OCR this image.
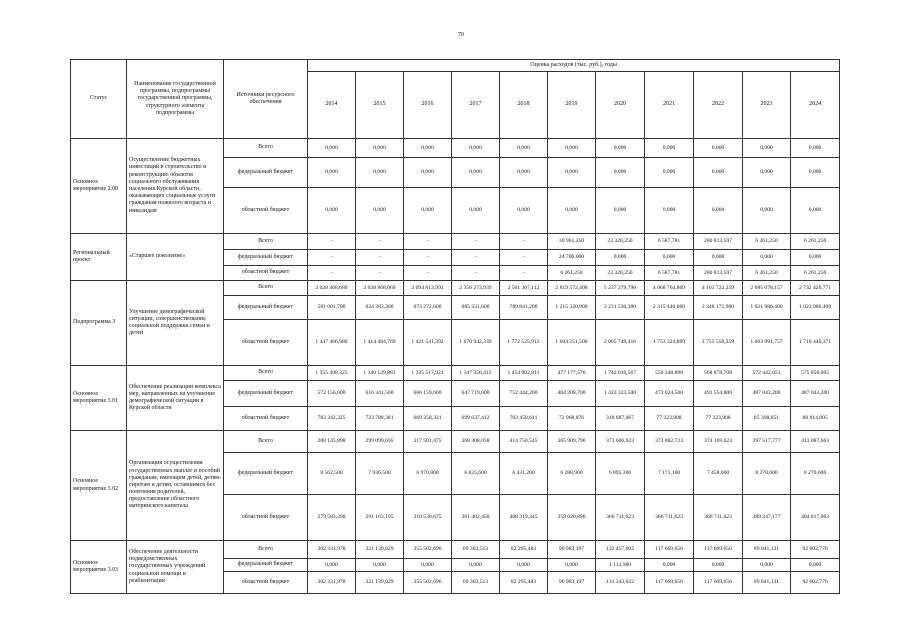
70
Статус	Наименование государственной программы, подпрограммы государственной программы, структурного элемента подпрограммы	Источники ресурсного обеспечения	Оценка расходов (тыс. руб.), годы										
			2014	2015	2016	2017	2018	2019	2020	2021	2022	2023	2024
Основное мероприятие 2.08	Осуществление бюджетных инвестиций в строительство и реконструкцию объектов социального обслуживания населения Курской области, оказывающих социальные услуги гражданам пожилого возраста и инвалидам	Всего	0,000	0,000	0,000	0,000	0,000	0,000	0,000	0,000	0,000	0,000	0,000
		федеральный бюджет	0,000	0,000	0,000	0,000	0,000	0,000	0,000	0,000	0,000	0,000	0,000
		областной бюджет	0,000	0,000	0,000	0,000	0,000	0,000	0,000	0,000	0,000	0,000	0,000
Региональный проект	«Старшее поколение»	Всего	-	-	-	-	-	30 961,250	23 328,250	6 587,781	280 813,597	6 261,250	6 261,250
		федеральный бюджет	-	-	-	-	-	24 700,000	0,000	0,000	0,000	0,000	0,000
		областной бюджет	-	-	-	-	-	6 261,250	23 328,250	6 587,781	280 813,597	6 261,250	6 261,250
Подпрограмма 3	Улучшение демографической ситуации, совершенствование социальной поддержки семьи и детей	Всего	2 028 468,680	2 038 868,069	2 094 813,992	2 356 273,939	2 561 367,112	2 819 572,408	5 237 279,796	4 068 764,869	4 103 722,259	2 685 078,157	2 732 426,771
		федеральный бюджет	581 001,700	624 383,300	673 272,600	685 331,600	789 841,200	1 215 320,900	3 231 530,380	2 315 440,000	2 348 171,900	1 021 986,400	1 021 986,400
		областной бюджет	1 447 466,980	1 414 484,769	1 421 541,392	1 670 942,339	1 772 525,912	1 604 251,508	2 005 749,416	1 753 324,869	1 755 550,359	1 663 091,757	1 710 440,371
Основное мероприятие 3.01	Обеспечение реализации комплекса мер, направленных на улучшение демографической ситуации в Курской области	Всего	1 355 498,325	1 340 129,881	1 335 517,921	1 347 356,412	1 454 902,811	477 177,576	1 742 010,567	550 348,898	568 878,708	572 442,051	575 858,005
		федеральный бюджет	572 156,000	616 341,500	666 159,600	647 719,000	752 444,200	404 208,700	1 423 323,500	473 024,500	491 554,800	487 043,200	487 043,200
		областной бюджет	783 342,325	723 788,381	669 358,321	699 637,412	702 458,611	72 968,876	318 687,067	77 323,908	77 323,908	85 398,851	88 814,805
Основное мероприятие 3.02	Организация осуществления государственных выплат и пособий гражданам, имеющим детей, детям-сиротам и детям, оставшимся без попечения родителей, предоставление областного материнского капитала	Всего	288 145,898	299 099,695	317 501,475	368 308,058	414 750,545	365 909,796	373 606,923	373 882,723	374 169,623	397 517,777	413 087,663
		федеральный бюджет	8 562,500	7 936,500	6 970,800	6 825,600	6 431,200	6 288,900	6 895,300	7 171,100	7 458,000	8 270,600	8 270,600
		областной бюджет	279 583,398	291 163,195	310 530,675	361 482,458	408 319,345	359 620,896	366 711,623	366 711,623	366 711,623	389 247,177	404 817,063
Основное мероприятие 3.03	Обеспечение деятельности подведомственных государственных учреждений социальной помощи и реабилитации	Всего	302 331,978	321 139,029	355 502,696	69 303,513	82 295,483	90 983,197	132 457,002	117 669,656	117 669,656	89 041,131	92 602,776
		федеральный бюджет	0,000	0,000	0,000	0,000	0,000	0,000	1 113,980	0,000	0,000	0,000	0,000
		областной бюджет	302 331,978	321 139,029	355 502,696	69 303,513	82 295,483	90 983,197	131 343,022	117 669,656	117 669,656	89 041,131	92 602,776
